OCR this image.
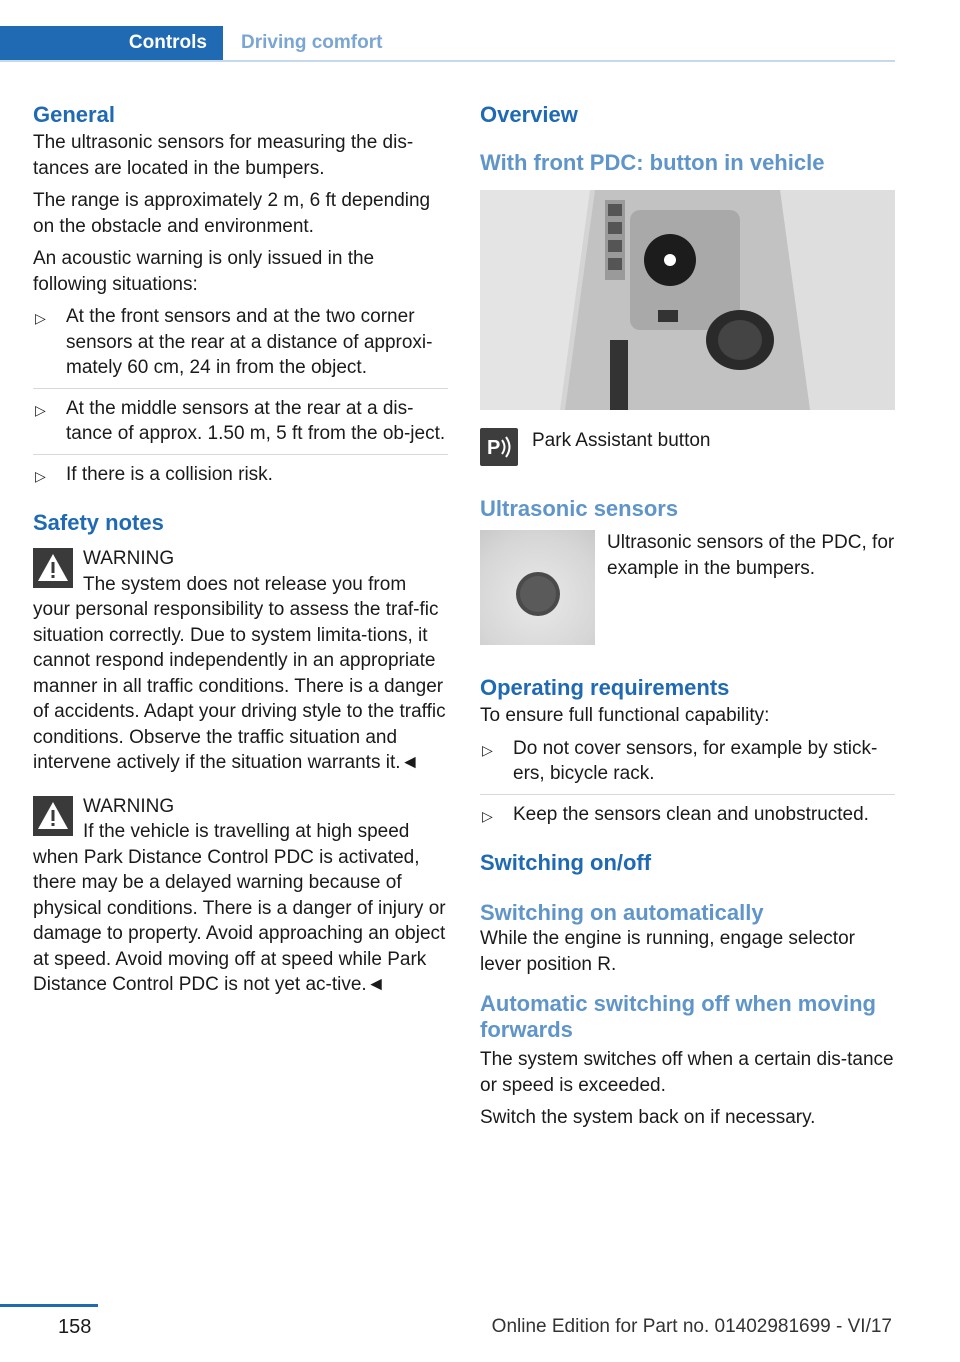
Controls Driving comfort
General

The ultrasonic sensors for measuring the dis‐tances are located in the bumpers.

The range is approximately 2 m, 6 ft depending on the obstacle and environment.

An acoustic warning is only issued in the following situations:

▷ At the front sensors and at the two corner sensors at the rear at a distance of approxi‐mately 60 cm, 24 in from the object.
▷ At the middle sensors at the rear at a dis‐tance of approx. 1.50 m, 5 ft from the ob‐ject.
▷ If there is a collision risk.
Safety notes
WARNING
The system does not release you from
your personal responsibility to assess the traf‐fic situation correctly. Due to system limita‐tions, it cannot respond independently in an appropriate manner in all traffic conditions. There is a danger of accidents. Adapt your driving style to the traffic conditions. Observe the traffic situation and intervene actively if the situation warrants it.◄
WARNING
If the vehicle is travelling at high speed
when Park Distance Control PDC is activated, there may be a delayed warning because of physical conditions. There is a danger of injury or damage to property. Avoid approaching an object at speed. Avoid moving off at speed while Park Distance Control PDC is not yet ac‐tive.◄
Overview
With front PDC: button in vehicle
P Park Assistant button

Ultrasonic sensors
Ultrasonic sensors of the PDC, for example in the bumpers.
Operating requirements

To ensure full functional capability:

▷ Do not cover sensors, for example by stick‐ers, bicycle rack.
▷ Keep the sensors clean and unobstructed.
Switching on/off
Switching on automatically

While the engine is running, engage selector lever position R.

Automatic switching off when moving forwards

The system switches off when a certain dis‐tance or speed is exceeded.

Switch the system back on if necessary.

158	Online Edition for Part no. 01402981699 - VI/17
